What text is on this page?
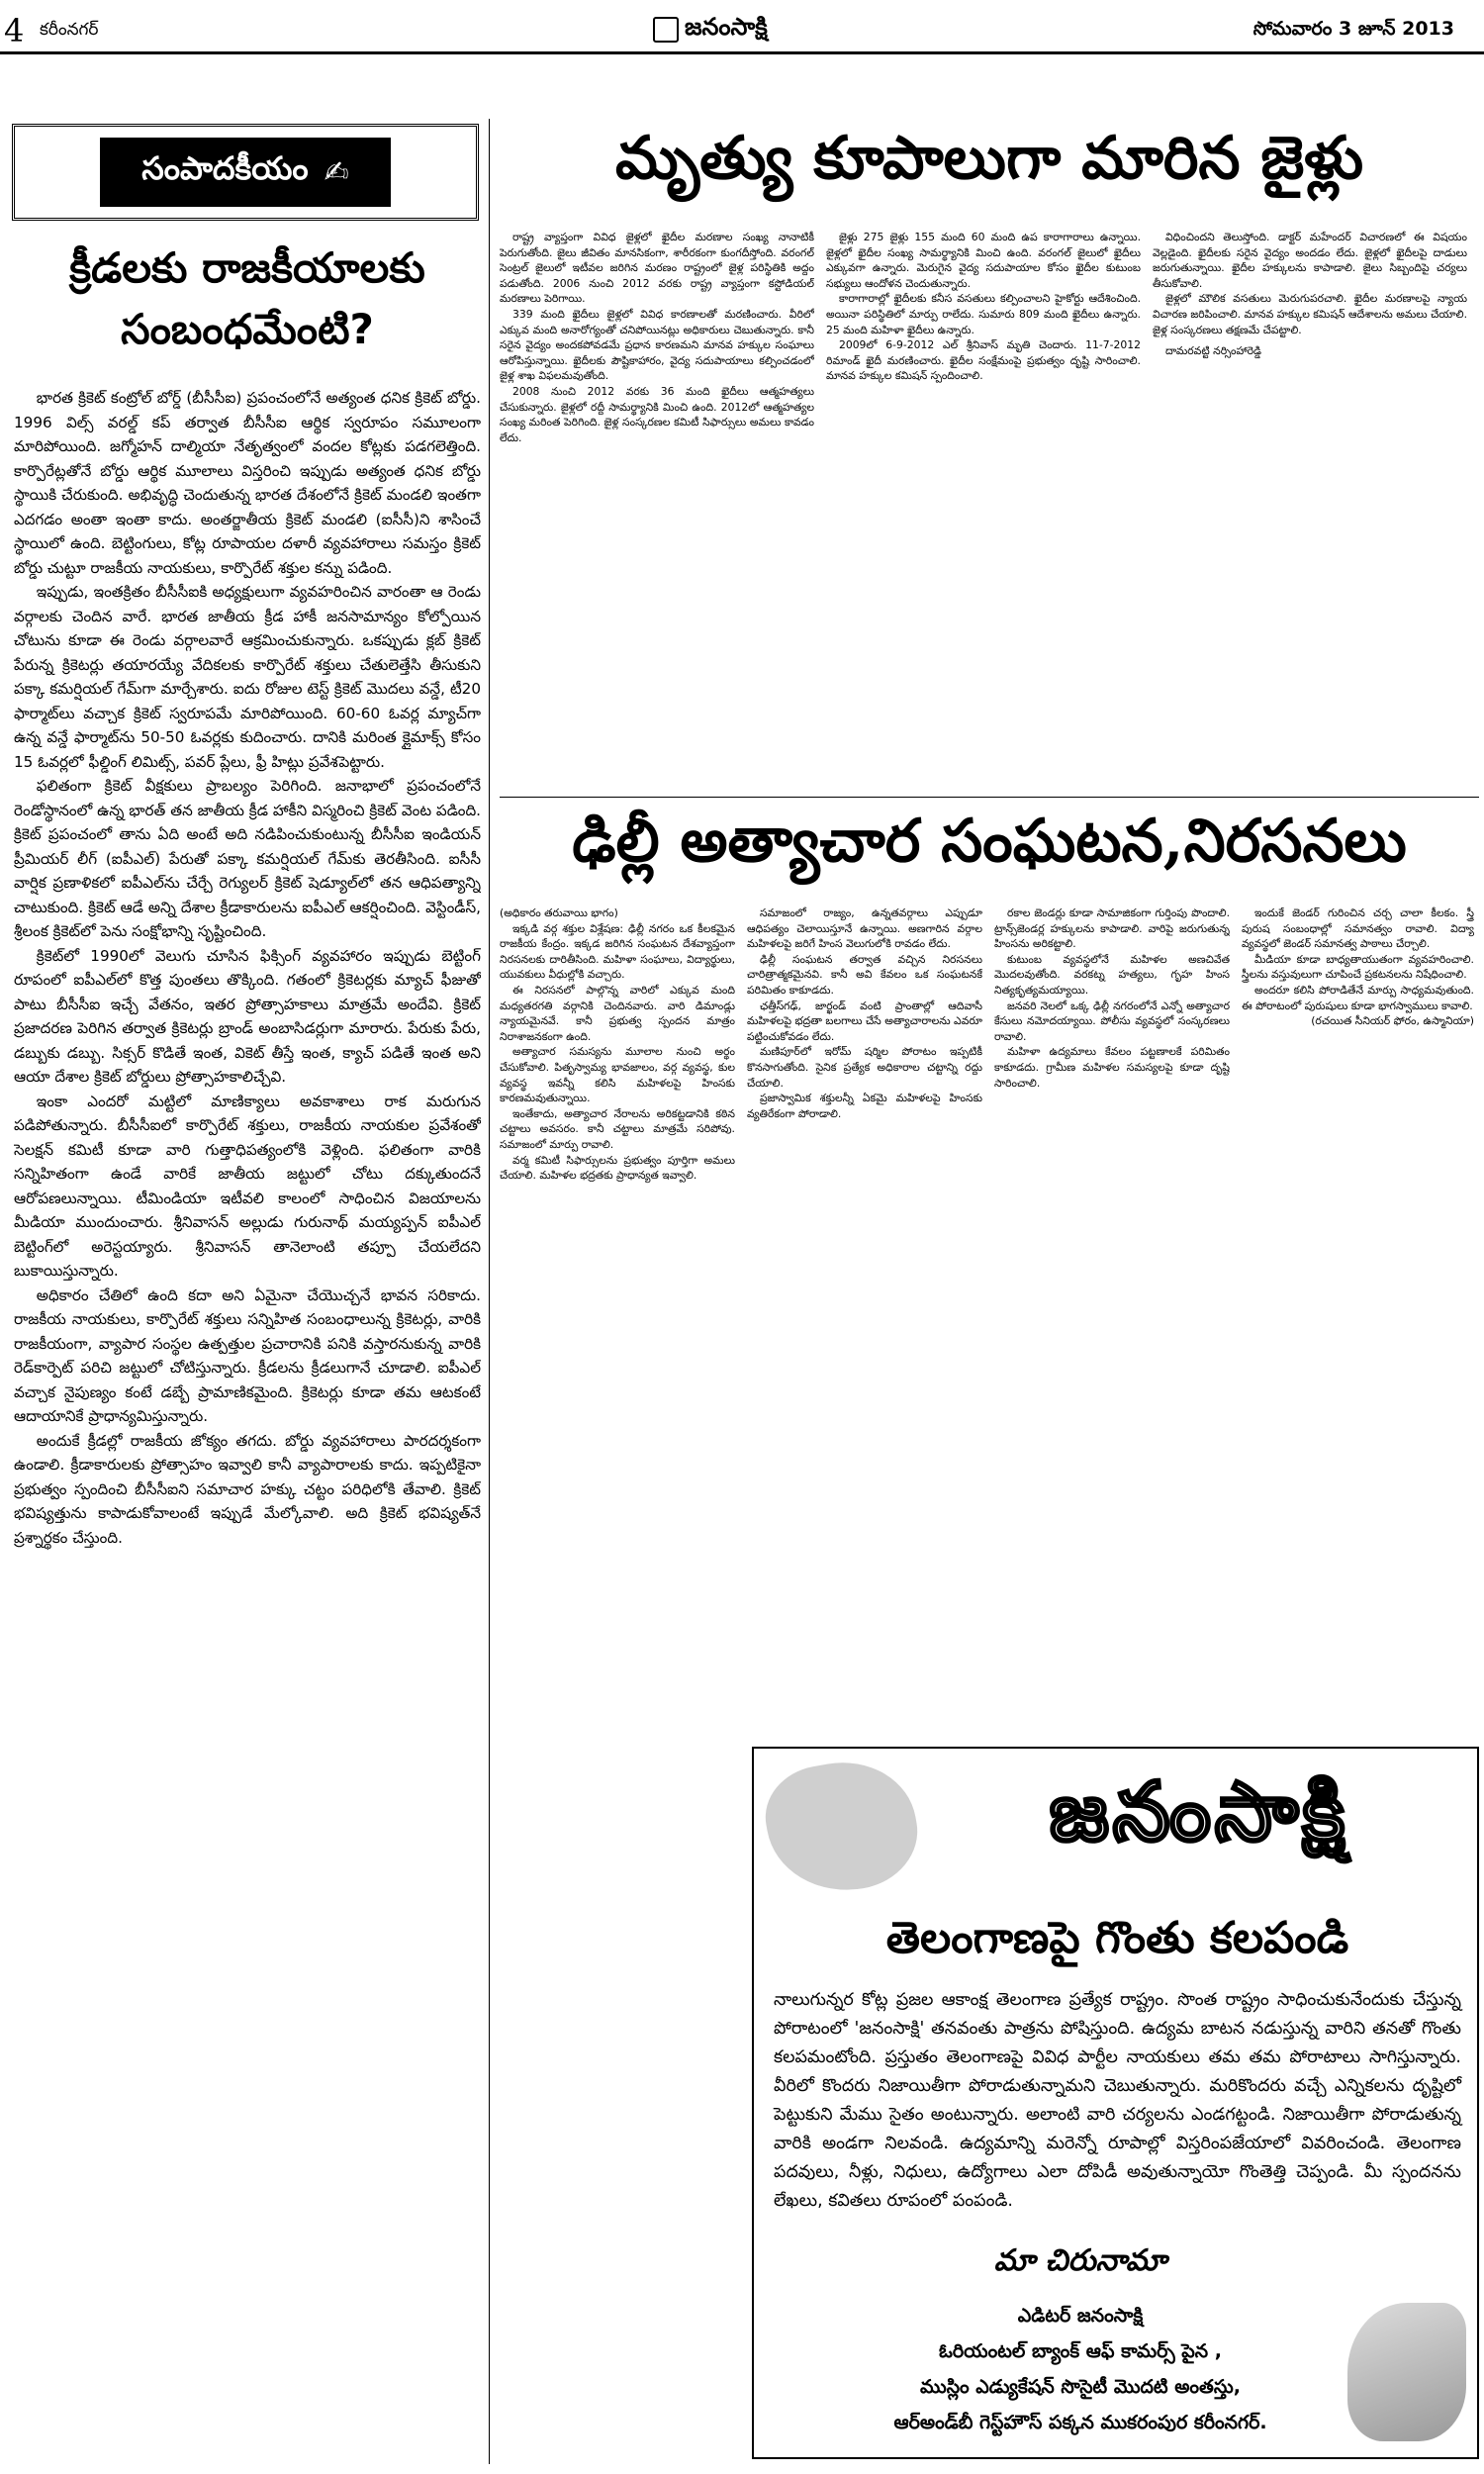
4 కరీంనగర్	జనంసాక్షి	సోమవారం 3 జూన్ 2013
సంపాదకీయం ✍
క్రీడలకు రాజకీయాలకు సంబంధమేంటి?

భారత క్రికెట్ కంట్రోల్ బోర్డ్ (బీసీసీఐ) ప్రపంచంలోనే అత్యంత ధనిక క్రికెట్ బోర్డు. 1996 విల్స్ వరల్డ్ కప్ తర్వాత బీసీసీఐ ఆర్థిక స్వరూపం సమూలంగా మారిపోయింది. జగ్మోహన్ దాల్మియా నేతృత్వంలో వందల కోట్లకు పడగలెత్తింది. కార్పొరేట్లతోనే బోర్డు ఆర్థిక మూలాలు విస్తరించి ఇప్పుడు అత్యంత ధనిక బోర్డు స్థాయికి చేరుకుంది. అభివృద్ధి చెందుతున్న భారత దేశంలోనే క్రికెట్ మండలి ఇంతగా ఎదగడం అంతా ఇంతా కాదు. అంతర్జాతీయ క్రికెట్ మండలి (ఐసీసీ)ని శాసించే స్థాయిలో ఉంది. బెట్టింగులు, కోట్ల రూపాయల దళారీ వ్యవహారాలు సమస్తం క్రికెట్ బోర్డు చుట్టూ రాజకీయ నాయకులు, కార్పొరేట్ శక్తుల కన్ను పడింది.

ఇప్పుడు, ఇంతక్రితం బీసీసీఐకి అధ్యక్షులుగా వ్యవహరించిన వారంతా ఆ రెండు వర్గాలకు చెందిన వారే. భారత జాతీయ క్రీడ హాకీ జనసామాన్యం కోల్పోయిన చోటును కూడా ఈ రెండు వర్గాలవారే ఆక్రమించుకున్నారు. ఒకప్పుడు క్లబ్ క్రికెట్ పేరున్న క్రికెటర్లు తయారయ్యే వేదికలకు కార్పొరేట్ శక్తులు చేతులెత్తేసి తీసుకుని పక్కా కమర్షియల్ గేమ్‌గా మార్చేశారు. ఐదు రోజుల టెస్ట్ క్రికెట్ మొదలు వన్డే, టీ20 ఫార్మాట్‌లు వచ్చాక క్రికెట్ స్వరూపమే మారిపోయింది. 60-60 ఓవర్ల మ్యాచ్‌గా ఉన్న వన్డే ఫార్మాట్‌ను 50-50 ఓవర్లకు కుదించారు. దానికి మరింత క్లైమాక్స్ కోసం 15 ఓవర్లలో ఫీల్డింగ్ లిమిట్స్, పవర్ ప్లేలు, ఫ్రీ హిట్లు ప్రవేశపెట్టారు.

ఫలితంగా క్రికెట్ వీక్షకులు ప్రాబల్యం పెరిగింది. జనాభాలో ప్రపంచంలోనే రెండోస్థానంలో ఉన్న భారత్ తన జాతీయ క్రీడ హాకీని విస్మరించి క్రికెట్ వెంట పడింది. క్రికెట్ ప్రపంచంలో తాను ఏది అంటే అది నడిపించుకుంటున్న బీసీసీఐ ఇండియన్ ప్రీమియర్ లీగ్ (ఐపీఎల్) పేరుతో పక్కా కమర్షియల్ గేమ్‌కు తెరతీసింది. ఐసీసీ వార్షిక ప్రణాళికలో ఐపీఎల్‌ను చేర్చే రెగ్యులర్ క్రికెట్ షెడ్యూల్‌లో తన ఆధిపత్యాన్ని చాటుకుంది. క్రికెట్ ఆడే అన్ని దేశాల క్రీడాకారులను ఐపీఎల్ ఆకర్షించింది. వెస్టిండీస్, శ్రీలంక క్రికెట్‌లో పెను సంక్షోభాన్ని సృష్టించింది.

క్రికెట్‌లో 1990లో వెలుగు చూసిన ఫిక్సింగ్ వ్యవహారం ఇప్పుడు బెట్టింగ్ రూపంలో ఐపీఎల్‌లో కొత్త పుంతలు తొక్కింది. గతంలో క్రికెటర్లకు మ్యాచ్ ఫీజుతో పాటు బీసీసీఐ ఇచ్చే వేతనం, ఇతర ప్రోత్సాహకాలు మాత్రమే అందేవి. క్రికెట్ ప్రజాదరణ పెరిగిన తర్వాత క్రికెటర్లు బ్రాండ్ అంబాసిడర్లుగా మారారు. పేరుకు పేరు, డబ్బుకు డబ్బు. సిక్సర్ కొడితే ఇంత, వికెట్ తీస్తే ఇంత, క్యాచ్ పడితే ఇంత అని ఆయా దేశాల క్రికెట్ బోర్డులు ప్రోత్సాహకాలిచ్చేవి.

ఇంకా ఎందరో మట్టిలో మాణిక్యాలు అవకాశాలు రాక మరుగున పడిపోతున్నారు. బీసీసీఐలో కార్పొరేట్ శక్తులు, రాజకీయ నాయకుల ప్రవేశంతో సెలక్షన్ కమిటీ కూడా వారి గుత్తాధిపత్యంలోకి వెళ్లింది. ఫలితంగా వారికి సన్నిహితంగా ఉండే వారికే జాతీయ జట్టులో చోటు దక్కుతుందనే ఆరోపణలున్నాయి. టీమిండియా ఇటీవలి కాలంలో సాధించిన విజయాలను మీడియా ముందుంచారు. శ్రీనివాసన్ అల్లుడు గురునాథ్ మయ్యప్పన్ ఐపీఎల్ బెట్టింగ్‌లో అరెస్టయ్యారు. శ్రీనివాసన్ తానెలాంటి తప్పూ చేయలేదని బుకాయిస్తున్నారు.

అధికారం చేతిలో ఉంది కదా అని ఏమైనా చేయొచ్చనే భావన సరికాదు. రాజకీయ నాయకులు, కార్పొరేట్ శక్తులు సన్నిహిత సంబంధాలున్న క్రికెటర్లు, వారికి రాజకీయంగా, వ్యాపార సంస్థల ఉత్పత్తుల ప్రచారానికి పనికి వస్తారనుకున్న వారికి రెడ్‌కార్పెట్ పరిచి జట్టులో చోటిస్తున్నారు. క్రీడలను క్రీడలుగానే చూడాలి. ఐపీఎల్ వచ్చాక నైపుణ్యం కంటే డబ్బే ప్రామాణికమైంది. క్రికెటర్లు కూడా తమ ఆటకంటే ఆదాయానికే ప్రాధాన్యమిస్తున్నారు.

అందుకే క్రీడల్లో రాజకీయ జోక్యం తగదు. బోర్డు వ్యవహారాలు పారదర్శకంగా ఉండాలి. క్రీడాకారులకు ప్రోత్సాహం ఇవ్వాలి కానీ వ్యాపారాలకు కాదు. ఇప్పటికైనా ప్రభుత్వం స్పందించి బీసీసీఐని సమాచార హక్కు చట్టం పరిధిలోకి తేవాలి. క్రికెట్ భవిష్యత్తును కాపాడుకోవాలంటే ఇప్పుడే మేల్కోవాలి. అది క్రికెట్ భవిష్యత్‌నే ప్రశ్నార్థకం చేస్తుంది.

మృత్యు కూపాలుగా మారిన జైళ్లు

రాష్ట్ర వ్యాప్తంగా వివిధ జైళ్లలో ఖైదీల మరణాల సంఖ్య నానాటికీ పెరుగుతోంది. జైలు జీవితం మానసికంగా, శారీరకంగా కుంగదీస్తోంది. వరంగల్ సెంట్రల్ జైలులో ఇటీవల జరిగిన మరణం రాష్ట్రంలో జైళ్ల పరిస్థితికి అద్దం పడుతోంది. 2006 నుంచి 2012 వరకు రాష్ట్ర వ్యాప్తంగా కస్టోడియల్ మరణాలు పెరిగాయి.

339 మంది ఖైదీలు జైళ్లలో వివిధ కారణాలతో మరణించారు. వీరిలో ఎక్కువ మంది అనారోగ్యంతో చనిపోయినట్లు అధికారులు చెబుతున్నారు. కానీ సరైన వైద్యం అందకపోవడమే ప్రధాన కారణమని మానవ హక్కుల సంఘాలు ఆరోపిస్తున్నాయి. ఖైదీలకు పౌష్టికాహారం, వైద్య సదుపాయాలు కల్పించడంలో జైళ్ల శాఖ విఫలమవుతోంది.

2008 నుంచి 2012 వరకు 36 మంది ఖైదీలు ఆత్మహత్యలు చేసుకున్నారు. జైళ్లలో రద్దీ సామర్థ్యానికి మించి ఉంది. 2012లో ఆత్మహత్యల సంఖ్య మరింత పెరిగింది. జైళ్ల సంస్కరణల కమిటీ సిఫార్సులు అమలు కావడం లేదు.

జైళ్లు 275 జైళ్లు 155 మంది 60 మంది ఉప కారాగారాలు ఉన్నాయి. జైళ్లలో ఖైదీల సంఖ్య సామర్థ్యానికి మించి ఉంది. వరంగల్ జైలులో ఖైదీలు ఎక్కువగా ఉన్నారు. మెరుగైన వైద్య సదుపాయాల కోసం ఖైదీల కుటుంబ సభ్యులు ఆందోళన చెందుతున్నారు.

కారాగారాల్లో ఖైదీలకు కనీస వసతులు కల్పించాలని హైకోర్టు ఆదేశించింది. అయినా పరిస్థితిలో మార్పు రాలేదు. సుమారు 809 మంది ఖైదీలు ఉన్నారు. 25 మంది మహిళా ఖైదీలు ఉన్నారు.

2009లో 6-9-2012 ఎల్ శ్రీనివాస్ మృతి చెందారు. 11-7-2012 రిమాండ్ ఖైదీ మరణించారు. ఖైదీల సంక్షేమంపై ప్రభుత్వం దృష్టి సారించాలి. మానవ హక్కుల కమిషన్ స్పందించాలి.

విధించిందని తెలుస్తోంది. డాక్టర్ మహేందర్ విచారణలో ఈ విషయం వెల్లడైంది. ఖైదీలకు సరైన వైద్యం అందడం లేదు. జైళ్లలో ఖైదీలపై దాడులు జరుగుతున్నాయి. ఖైదీల హక్కులను కాపాడాలి. జైలు సిబ్బందిపై చర్యలు తీసుకోవాలి.

జైళ్లలో మౌలిక వసతులు మెరుగుపరచాలి. ఖైదీల మరణాలపై న్యాయ విచారణ జరిపించాలి. మానవ హక్కుల కమిషన్ ఆదేశాలను అమలు చేయాలి. జైళ్ల సంస్కరణలు తక్షణమే చేపట్టాలి.

దామరవట్టి నర్సింహారెడ్డి

ఢిల్లీ అత్యాచార సంఘటన,నిరసనలు

(అధికారం తరువాయి భాగం)

ఇక్కడి వర్గ శక్తుల విశ్లేషణ: ఢిల్లీ నగరం ఒక కీలకమైన రాజకీయ కేంద్రం. ఇక్కడ జరిగిన సంఘటన దేశవ్యాప్తంగా నిరసనలకు దారితీసింది. మహిళా సంఘాలు, విద్యార్థులు, యువకులు వీధుల్లోకి వచ్చారు.

ఈ నిరసనలో పాల్గొన్న వారిలో ఎక్కువ మంది మధ్యతరగతి వర్గానికి చెందినవారు. వారి డిమాండ్లు న్యాయమైనవే. కానీ ప్రభుత్వ స్పందన మాత్రం నిరాశాజనకంగా ఉంది.

అత్యాచార సమస్యను మూలాల నుంచి అర్థం చేసుకోవాలి. పితృస్వామ్య భావజాలం, వర్గ వ్యవస్థ, కుల వ్యవస్థ ఇవన్నీ కలిసి మహిళలపై హింసకు కారణమవుతున్నాయి.

ఇంతేకాదు, అత్యాచార నేరాలను అరికట్టడానికి కఠిన చట్టాలు అవసరం. కానీ చట్టాలు మాత్రమే సరిపోవు. సమాజంలో మార్పు రావాలి.

వర్మ కమిటీ సిఫార్సులను ప్రభుత్వం పూర్తిగా అమలు చేయాలి. మహిళల భద్రతకు ప్రాధాన్యత ఇవ్వాలి.

సమాజంలో రాజ్యం, ఉన్నతవర్గాలు ఎప్పుడూ ఆధిపత్యం చెలాయిస్తూనే ఉన్నాయి. అణగారిన వర్గాల మహిళలపై జరిగే హింస వెలుగులోకి రావడం లేదు.

ఢిల్లీ సంఘటన తర్వాత వచ్చిన నిరసనలు చారిత్రాత్మకమైనవి. కానీ అవి కేవలం ఒక సంఘటనకే పరిమితం కాకూడదు.

ఛత్తీస్‌గఢ్, జార్ఖండ్ వంటి ప్రాంతాల్లో ఆదివాసీ మహిళలపై భద్రతా బలగాలు చేసే అత్యాచారాలను ఎవరూ పట్టించుకోవడం లేదు.

మణిపూర్‌లో ఇరోమ్ షర్మిల పోరాటం ఇప్పటికీ కొనసాగుతోంది. సైనిక ప్రత్యేక అధికారాల చట్టాన్ని రద్దు చేయాలి.

ప్రజాస్వామిక శక్తులన్నీ ఏకమై మహిళలపై హింసకు వ్యతిరేకంగా పోరాడాలి.

రకాల జెండర్లు కూడా సామాజికంగా గుర్తింపు పొందాలి. ట్రాన్స్‌జెండర్ల హక్కులను కాపాడాలి. వారిపై జరుగుతున్న హింసను అరికట్టాలి.

కుటుంబ వ్యవస్థలోనే మహిళల అణచివేత మొదలవుతోంది. వరకట్న హత్యలు, గృహ హింస నిత్యకృత్యమయ్యాయి.

జనవరి నెలలో ఒక్క ఢిల్లీ నగరంలోనే ఎన్నో అత్యాచార కేసులు నమోదయ్యాయి. పోలీసు వ్యవస్థలో సంస్కరణలు రావాలి.

మహిళా ఉద్యమాలు కేవలం పట్టణాలకే పరిమితం కాకూడదు. గ్రామీణ మహిళల సమస్యలపై కూడా దృష్టి సారించాలి.

ఇందుకే జెండర్ గురించిన చర్చ చాలా కీలకం. స్త్రీ పురుష సంబంధాల్లో సమానత్వం రావాలి. విద్యా వ్యవస్థలో జెండర్ సమానత్వ పాఠాలు చేర్చాలి.

మీడియా కూడా బాధ్యతాయుతంగా వ్యవహరించాలి. స్త్రీలను వస్తువులుగా చూపించే ప్రకటనలను నిషేధించాలి.

అందరూ కలిసి పోరాడితేనే మార్పు సాధ్యమవుతుంది. ఈ పోరాటంలో పురుషులు కూడా భాగస్వాములు కావాలి.

(రచయిత సీనియర్ ఫోరం, ఉస్మానియా)

జనంసాక్షి
తెలంగాణపై గొంతు కలపండి
నాలుగున్నర కోట్ల ప్రజల ఆకాంక్ష తెలంగాణ ప్రత్యేక రాష్ట్రం. సొంత రాష్ట్రం సాధించుకునేందుకు చేస్తున్న పోరాటంలో 'జనంసాక్షి' తనవంతు పాత్రను పోషిస్తుంది. ఉద్యమ బాటన నడుస్తున్న వారిని తనతో గొంతు కలపమంటోంది. ప్రస్తుతం తెలంగాణపై వివిధ పార్టీల నాయకులు తమ తమ పోరాటాలు సాగిస్తున్నారు. వీరిలో కొందరు నిజాయితీగా పోరాడుతున్నామని చెబుతున్నారు. మరికొందరు వచ్చే ఎన్నికలను దృష్టిలో పెట్టుకుని మేము సైతం అంటున్నారు. అలాంటి వారి చర్యలను ఎండగట్టండి. నిజాయితీగా పోరాడుతున్న వారికి అండగా నిలవండి. ఉద్యమాన్ని మరెన్నో రూపాల్లో విస్తరింపజేయాలో వివరించండి. తెలంగాణ పదవులు, నీళ్లు, నిధులు, ఉద్యోగాలు ఎలా దోపిడీ అవుతున్నాయో గొంతెత్తి చెప్పండి. మీ స్పందనను లేఖలు, కవితలు రూపంలో పంపండి.
మా చిరునామా
ఎడిటర్ జనంసాక్షి
ఓరియంటల్ బ్యాంక్ ఆఫ్ కామర్స్ పైన ,
ముస్లిం ఎడ్యుకేషన్ సొసైటీ మొదటి అంతస్తు,
ఆర్‌అండ్‌బీ గెస్ట్‌హౌస్ పక్కన ముకరంపుర కరీంనగర్.
